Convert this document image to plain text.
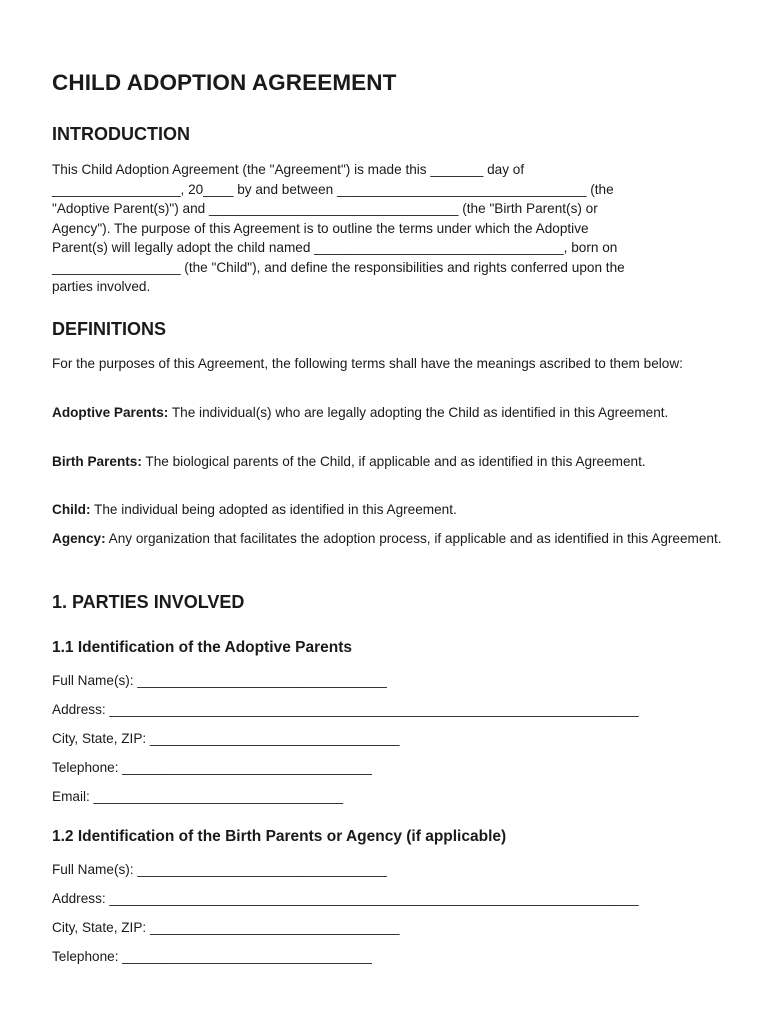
CHILD ADOPTION AGREEMENT
INTRODUCTION
This Child Adoption Agreement (the "Agreement") is made this _______ day of
_________________, 20____ by and between _________________________________ (the
"Adoptive Parent(s)") and _________________________________ (the "Birth Parent(s) or
Agency"). The purpose of this Agreement is to outline the terms under which the Adoptive
Parent(s) will legally adopt the child named _________________________________, born on
_________________ (the "Child"), and define the responsibilities and rights conferred upon the
parties involved.
DEFINITIONS

For the purposes of this Agreement, the following terms shall have the meanings ascribed to them below:

Adoptive Parents: The individual(s) who are legally adopting the Child as identified in this Agreement.

Birth Parents: The biological parents of the Child, if applicable and as identified in this Agreement.

Child: The individual being adopted as identified in this Agreement.

Agency: Any organization that facilitates the adoption process, if applicable and as identified in this Agreement.

1. PARTIES INVOLVED
1.1 Identification of the Adoptive Parents

Full Name(s): _________________________________

Address: ______________________________________________________________________

City, State, ZIP: _________________________________

Telephone: _________________________________

Email: _________________________________

1.2 Identification of the Birth Parents or Agency (if applicable)

Full Name(s): _________________________________

Address: ______________________________________________________________________

City, State, ZIP: _________________________________

Telephone: _________________________________
